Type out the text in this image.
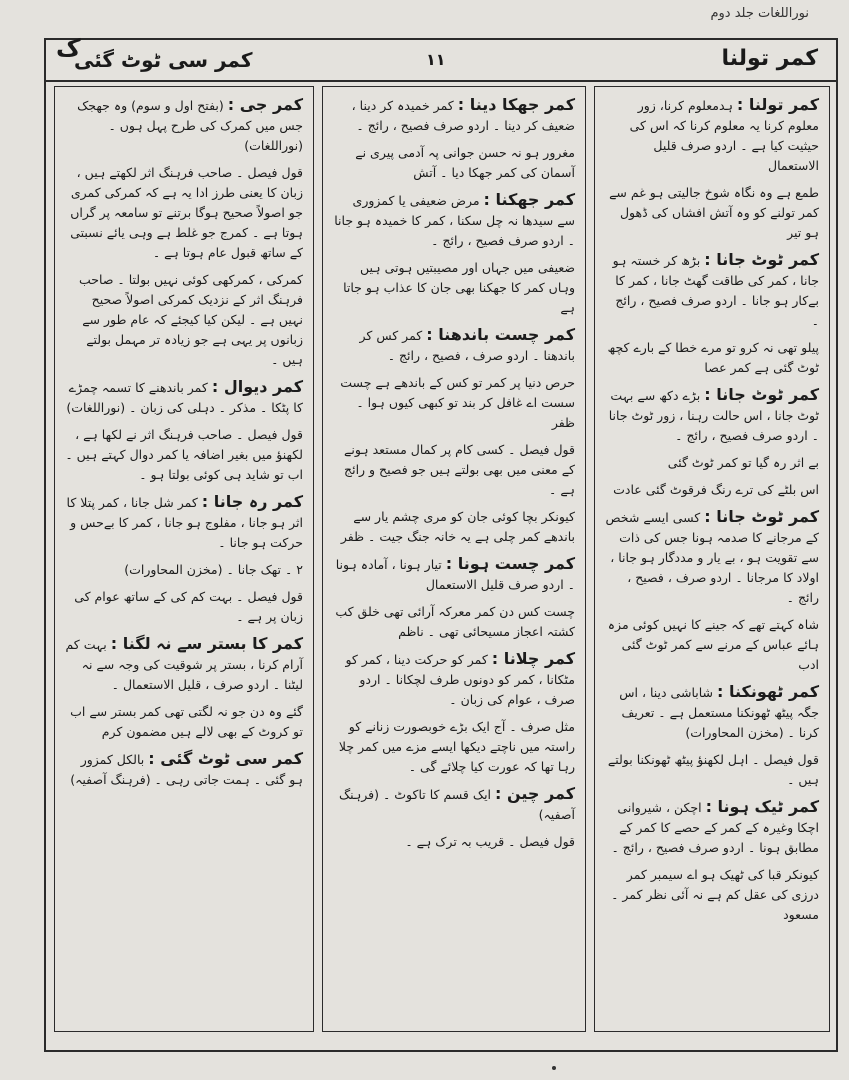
نوراللغات جلد دوم
ک
کمر سی ٹوٹ گئی	۱۱	کمر تولنا

کمر تولنا : ہدمعلوم کرنا، زور معلوم کرنا یہ معلوم کرنا کہ اس کی حیثیت کیا ہے ۔ اردو صرف قلیل الاستعمال

طمع ہے وہ نگاہ شوخ جالیتی ہو غم سے کمر تولنے کو وہ آتش افشاں کی ڈھول ہو تیر

کمر ٹوٹ جانا : بڑھ کر خستہ ہو جانا ، کمر کی طاقت گھٹ جانا ، کمر کا بےکار ہو جانا ۔ اردو صرف فصیح ، رائج ۔

پیلو تھی نہ کرو تو مرے خطا کے بارے کچھ ٹوٹ گئی ہے کمر عصا

کمر ٹوٹ جانا : بڑے دکھ سے بہت ٹوٹ جانا ، اس حالت رہنا ، زور ٹوٹ جانا ۔ اردو صرف فصیح ، رائج ۔

بے اثر رہ گیا تو کمر ٹوٹ گئی

اس بلٹے کی ترے رنگ فرقوٹ گئی عادت

کمر ٹوٹ جانا : کسی ایسے شخص کے مرجانے کا صدمہ ہونا جس کی ذات سے تقویت ہو ، بے یار و مددگار ہو جانا ، اولاد کا مرجانا ۔ اردو صرف ، فصیح ، رائج ۔

شاہ کہتے تھے کہ جینے کا نہیں کوئی مزہ ہائے عباس کے مرنے سے کمر ٹوٹ گئی ادب

کمر ٹھونکنا : شاباشی دینا ، اس جگہ پیٹھ ٹھونکنا مستعمل ہے ۔ تعریف کرنا ۔ (مخزن المحاورات)

قول فیصل ۔ اہل لکھنؤ پیٹھ ٹھونکنا بولتے ہیں ۔

کمر ٹیک ہونا : اچکن ، شیروانی اچکا وغیرہ کے کمر کے حصے کا کمر کے مطابق ہونا ۔ اردو صرف فصیح ، رائج ۔

کیونکر قبا کی ٹھیک ہو اے سیمبر کمر درزی کی عقل کم ہے نہ آئی نظر کمر ۔ مسعود

کمر جھکا دینا : کمر خمیدہ کر دینا ، ضعیف کر دینا ۔ اردو صرف فصیح ، رائج ۔

مغرور ہو نہ حسن جوانی پہ آدمی پیری نے آسمان کی کمر جھکا دیا ۔ آتش

کمر جھکنا : مرض ضعیفی یا کمزوری سے سیدھا نہ چل سکنا ، کمر کا خمیدہ ہو جانا ۔ اردو صرف فصیح ، رائج ۔

ضعیفی میں جہاں اور مصیبتیں ہوتی ہیں وہاں کمر کا جھکنا بھی جان کا عذاب ہو جاتا ہے

کمر چست باندھنا : کمر کس کر باندھنا ۔ اردو صرف ، فصیح ، رائج ۔

حرص دنیا پر کمر تو کس کے باندھے ہے چست سست اے غافل کر بند تو کبھی کیوں ہوا ۔ ظفر

قول فیصل ۔ کسی کام پر کمال مستعد ہونے کے معنی میں بھی بولتے ہیں جو فصیح و رائج ہے ۔

کیونکر بچا کوئی جان کو مری چشم یار سے باندھے کمر چلی ہے یہ خانہ جنگ جیت ۔ ظفر

کمر چست ہونا : تیار ہونا ، آمادہ ہونا ۔ اردو صرف قلیل الاستعمال

چست کس دن کمر معرکہ آرائی تھی خلق کب کشتہ اعجاز مسیحائی تھی ۔ ناظم

کمر چلانا : کمر کو حرکت دینا ، کمر کو مٹکانا ، کمر کو دونوں طرف لچکانا ۔ اردو صرف ، عوام کی زبان ۔

مثل صرف ۔ آج ایک بڑے خوبصورت زنانے کو راستہ میں ناچتے دیکھا ایسے مزے میں کمر چلا رہا تھا کہ عورت کیا چلائے گی ۔

کمر چین : ایک قسم کا تاکوٹ ۔ (فرہنگ آصفیہ)

قول فیصل ۔ قریب بہ ترک ہے ۔

کمر جی : (بفتح اول و سوم) وہ جھجک جس میں کمرک کی طرح پہل ہوں ۔ (نوراللغات)

قول فیصل ۔ صاحب فرہنگ اثر لکھتے ہیں ، زبان کا یعنی طرز ادا یہ ہے کہ کمرکی کمری جو اصولاً صحیح ہوگا برتنے تو سامعہ پر گراں ہوتا ہے ۔ کمرج جو غلط ہے وہی یائے نسبتی کے ساتھ قبول عام ہوتا ہے ۔

کمرکی ، کمرکھی کوئی نہیں بولتا ۔ صاحب فرہنگ اثر کے نزدیک کمرکی اصولاً صحیح نہیں ہے ۔ لیکن کیا کیجئے کہ عام طور سے زبانوں پر یہی ہے جو زیادہ تر مہمل بولتے ہیں ۔

کمر دیوال : کمر باندھنے کا تسمہ چمڑے کا پٹکا ۔ مذکر ۔ دہلی کی زبان ۔ (نوراللغات)

قول فیصل ۔ صاحب فرہنگ اثر نے لکھا ہے ، لکھنؤ میں بغیر اضافہ یا کمر دوال کہتے ہیں ۔ اب تو شاید ہی کوئی بولتا ہو ۔

کمر رہ جانا : کمر شل جانا ، کمر پتلا کا اثر ہو جانا ، مفلوج ہو جانا ، کمر کا بےحس و حرکت ہو جانا ۔

۲ ۔ تھک جانا ۔ (مخزن المحاورات)

قول فیصل ۔ بہت کم کی کے ساتھ عوام کی زبان پر ہے ۔

کمر کا بستر سے نہ لگنا : بہت کم آرام کرنا ، بستر پر شوقیت کی وجہ سے نہ لیٹنا ۔ اردو صرف ، قلیل الاستعمال ۔

گئے وہ دن جو نہ لگتی تھی کمر بستر سے اب تو کروٹ کے بھی لالے ہیں مضمون کرم

کمر سی ٹوٹ گئی : بالکل کمزور ہو گئی ۔ ہمت جاتی رہی ۔ (فرہنگ آصفیہ)
